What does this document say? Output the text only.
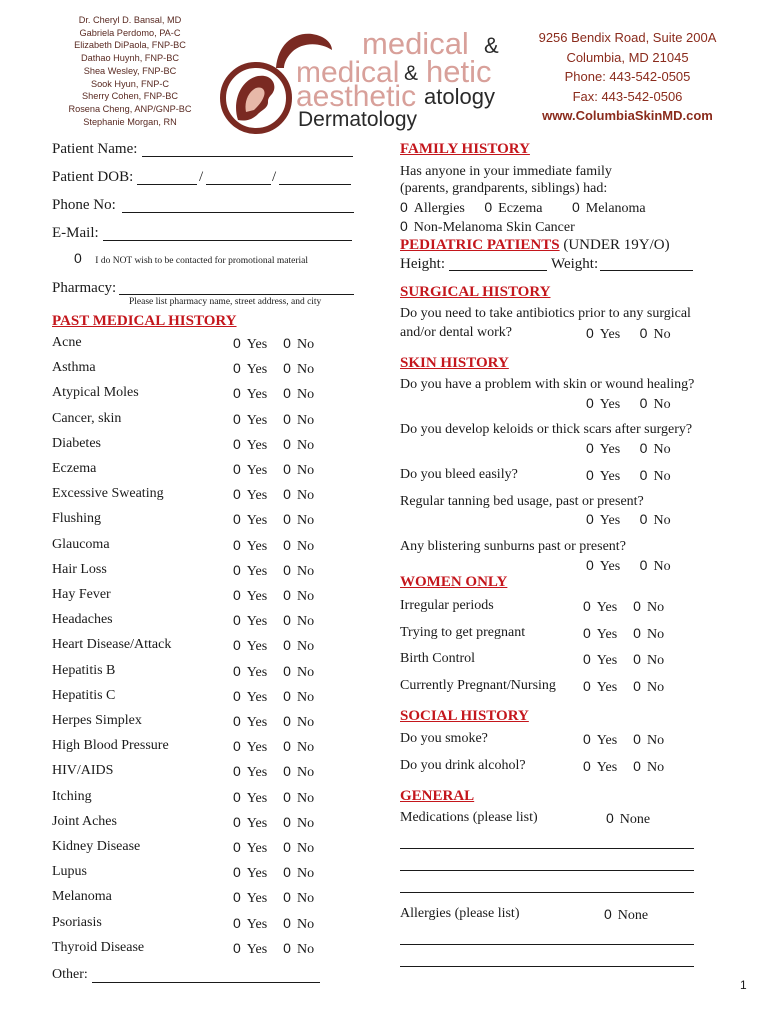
Dr. Cheryl D. Bansal, MD
Gabriela Perdomo, PA-C
Elizabeth DiPaola, FNP-BC
Dathao Huynh, FNP-BC
Shea Wesley, FNP-BC
Sook Hyun, FNP-C
Sherry Cohen, FNP-BC
Rosena Cheng, ANP/GNP-BC
Stephanie Morgan, RN
medical &
hetic
atology
medical &
aesthetic
Dermatology
9256 Bendix Road, Suite 200A
Columbia, MD 21045
Phone: 443-542-0505
Fax: 443-542-0506
www.ColumbiaSkinMD.com
Patient Name:
Patient DOB:	/	/
Phone No:
E-Mail:
0 I do NOT wish to be contacted for promotional material
Pharmacy:
Please list pharmacy name, street address, and city
PAST MEDICAL HISTORY
Acne	0 Yes 0 No
Asthma	0 Yes 0 No
Atypical Moles	0 Yes 0 No
Cancer, skin	0 Yes 0 No
Diabetes	0 Yes 0 No
Eczema	0 Yes 0 No
Excessive Sweating	0 Yes 0 No
Flushing	0 Yes 0 No
Glaucoma	0 Yes 0 No
Hair Loss	0 Yes 0 No
Hay Fever	0 Yes 0 No
Headaches	0 Yes 0 No
Heart Disease/Attack	0 Yes 0 No
Hepatitis B	0 Yes 0 No
Hepatitis C	0 Yes 0 No
Herpes Simplex	0 Yes 0 No
High Blood Pressure	0 Yes 0 No
HIV/AIDS	0 Yes 0 No
Itching	0 Yes 0 No
Joint Aches	0 Yes 0 No
Kidney Disease	0 Yes 0 No
Lupus	0 Yes 0 No
Melanoma	0 Yes 0 No
Psoriasis	0 Yes 0 No
Thyroid Disease	0 Yes 0 No
Other:
FAMILY HISTORY
Has anyone in your immediate family
(parents, grandparents, siblings) had:
0 Allergies 0 Eczema 0 Melanoma
0 Non-Melanoma Skin Cancer
PEDIATRIC PATIENTS (UNDER 19Y/O)
Height:	Weight:
SURGICAL HISTORY
Do you need to take antibiotics prior to any surgical
and/or dental work?	0 Yes 0 No
SKIN HISTORY
Do you have a problem with skin or wound healing?
0 Yes 0 No
Do you develop keloids or thick scars after surgery?
0 Yes 0 No
Do you bleed easily?	0 Yes 0 No
Regular tanning bed usage, past or present?
0 Yes 0 No
Any blistering sunburns past or present?
0 Yes 0 No
WOMEN ONLY
Irregular periods	0 Yes 0 No
Trying to get pregnant	0 Yes 0 No
Birth Control	0 Yes 0 No
Currently Pregnant/Nursing 0 Yes 0 No
SOCIAL HISTORY
Do you smoke?	0 Yes 0 No
Do you drink alcohol?	0 Yes 0 No
GENERAL
Medications (please list)	0 None
Allergies (please list)	0 None
1
